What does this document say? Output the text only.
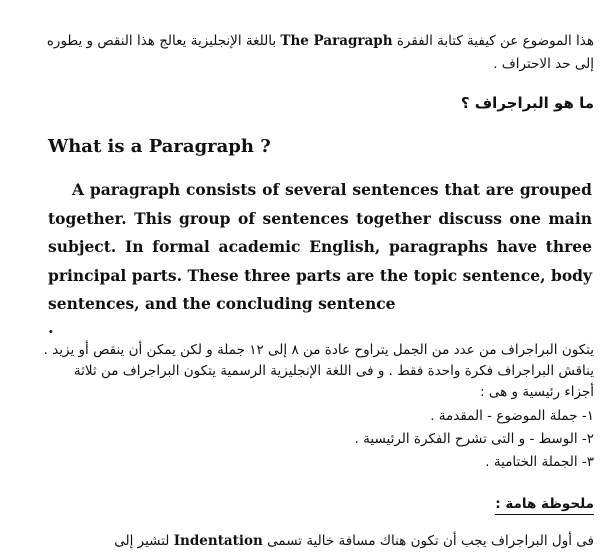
هذا الموضوع عن كيفية كتابة الفقرة The Paragraph باللغة الإنجليزية يعالج هذا النقص و يطوره إلى حد الاحتراف .

ما هو البراجراف ؟
What is a Paragraph ?

A paragraph consists of several sentences that are grouped together. This group of sentences together discuss one main subject. In formal academic English, paragraphs have three principal parts. These three parts are the topic sentence, body sentences, and the concluding sentence

.

يتكون البراجراف من عدد من الجمل يتراوح عادة من ٨ إلى ١٢ جملة و لكن يمكن أن ينقص أو يزيد . يناقش البراجراف فكرة واحدة فقط . و فى اللغة الإنجليزية الرسمية يتكون البراجراف من ثلاثة أجزاء رئيسية و هى :

١- جملة الموضوع - المقدمة .
٢- الوسط - و التى تشرح الفكرة الرئيسية .
٣- الجملة الختامية .
ملحوظة هامة :

فى أول البراجراف يجب أن تكون هناك مسافة خالية تسمى Indentation لتشير إلى
